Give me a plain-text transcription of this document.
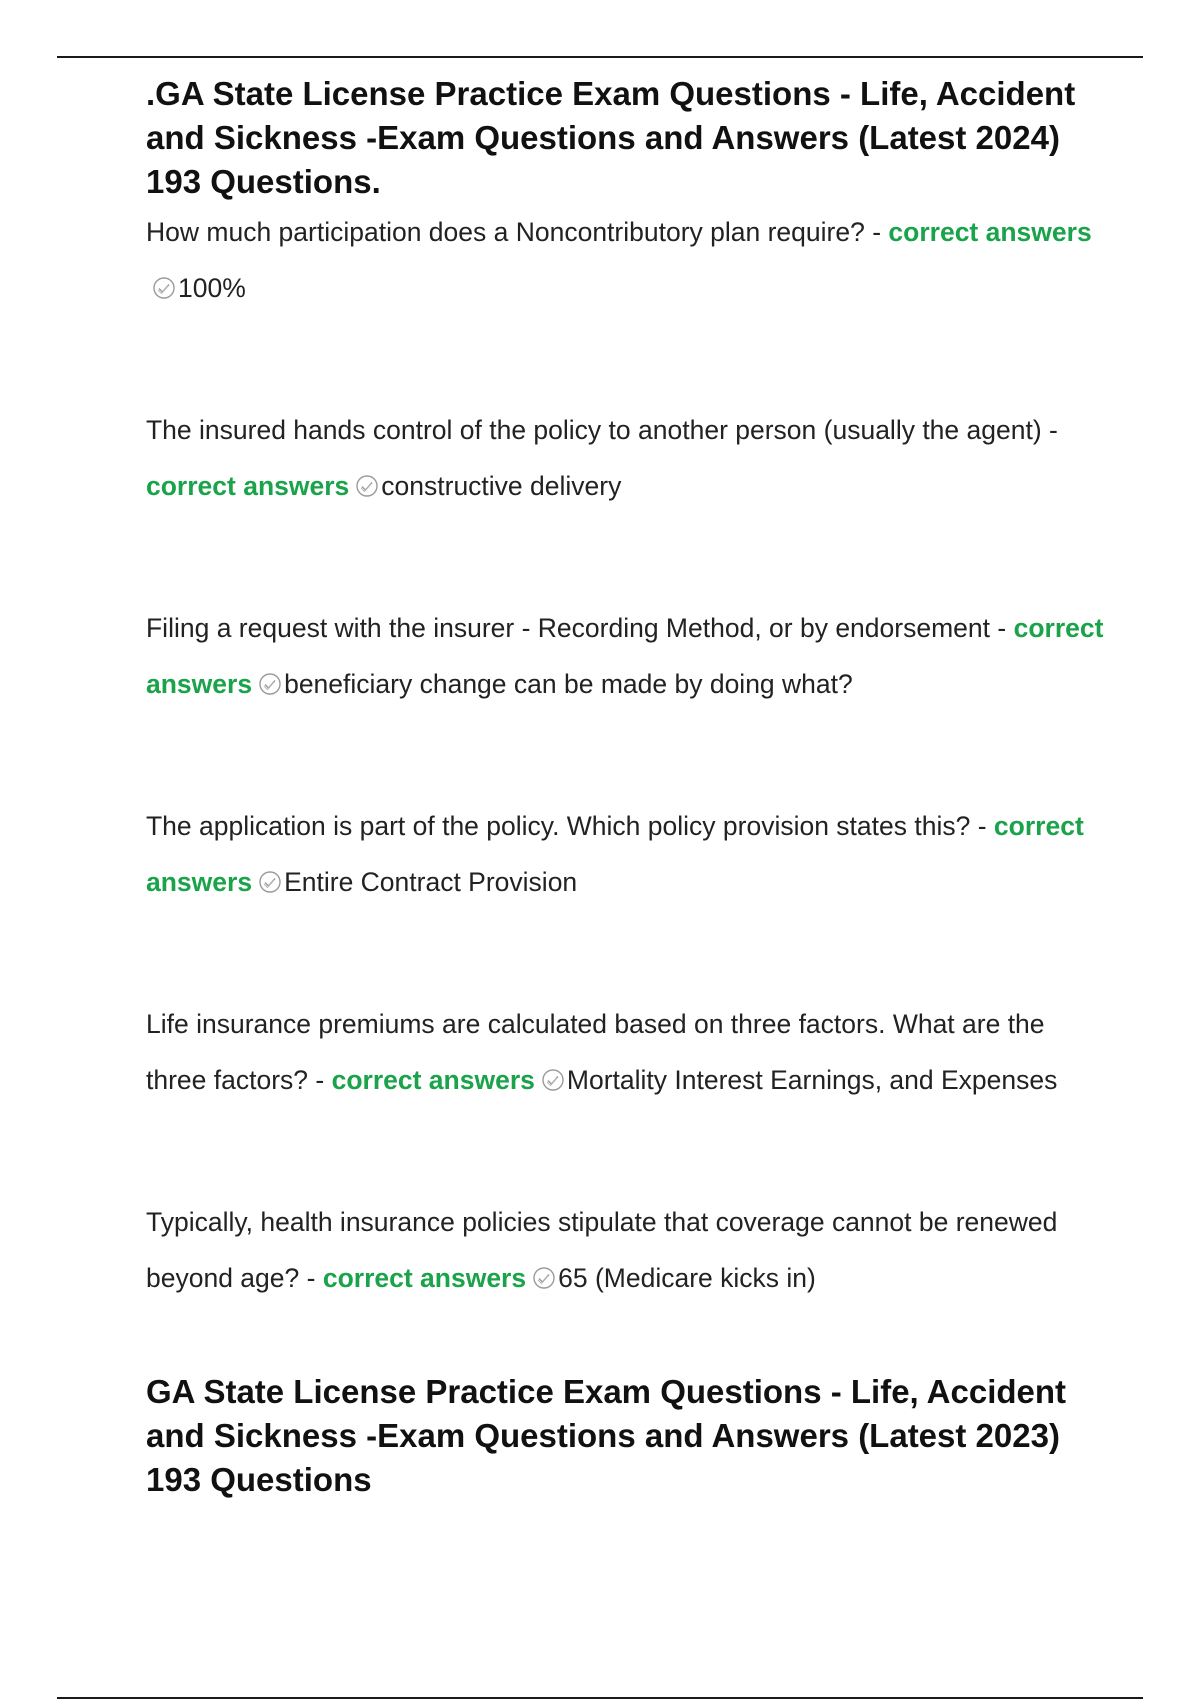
.GA State License Practice Exam Questions - Life, Accident and Sickness -Exam Questions and Answers (Latest 2024) 193 Questions.

How much participation does a Noncontributory plan require? - correct answers
100%

The insured hands control of the policy to another person (usually the agent) - correct answers constructive delivery

Filing a request with the insurer - Recording Method, or by endorsement - correct answers beneficiary change can be made by doing what?

The application is part of the policy. Which policy provision states this? - correct answers Entire Contract Provision

Life insurance premiums are calculated based on three factors. What are the three factors? - correct answers Mortality Interest Earnings, and Expenses

Typically, health insurance policies stipulate that coverage cannot be renewed beyond age? - correct answers 65 (Medicare kicks in)

GA State License Practice Exam Questions - Life, Accident and Sickness -Exam Questions and Answers (Latest 2023) 193 Questions
